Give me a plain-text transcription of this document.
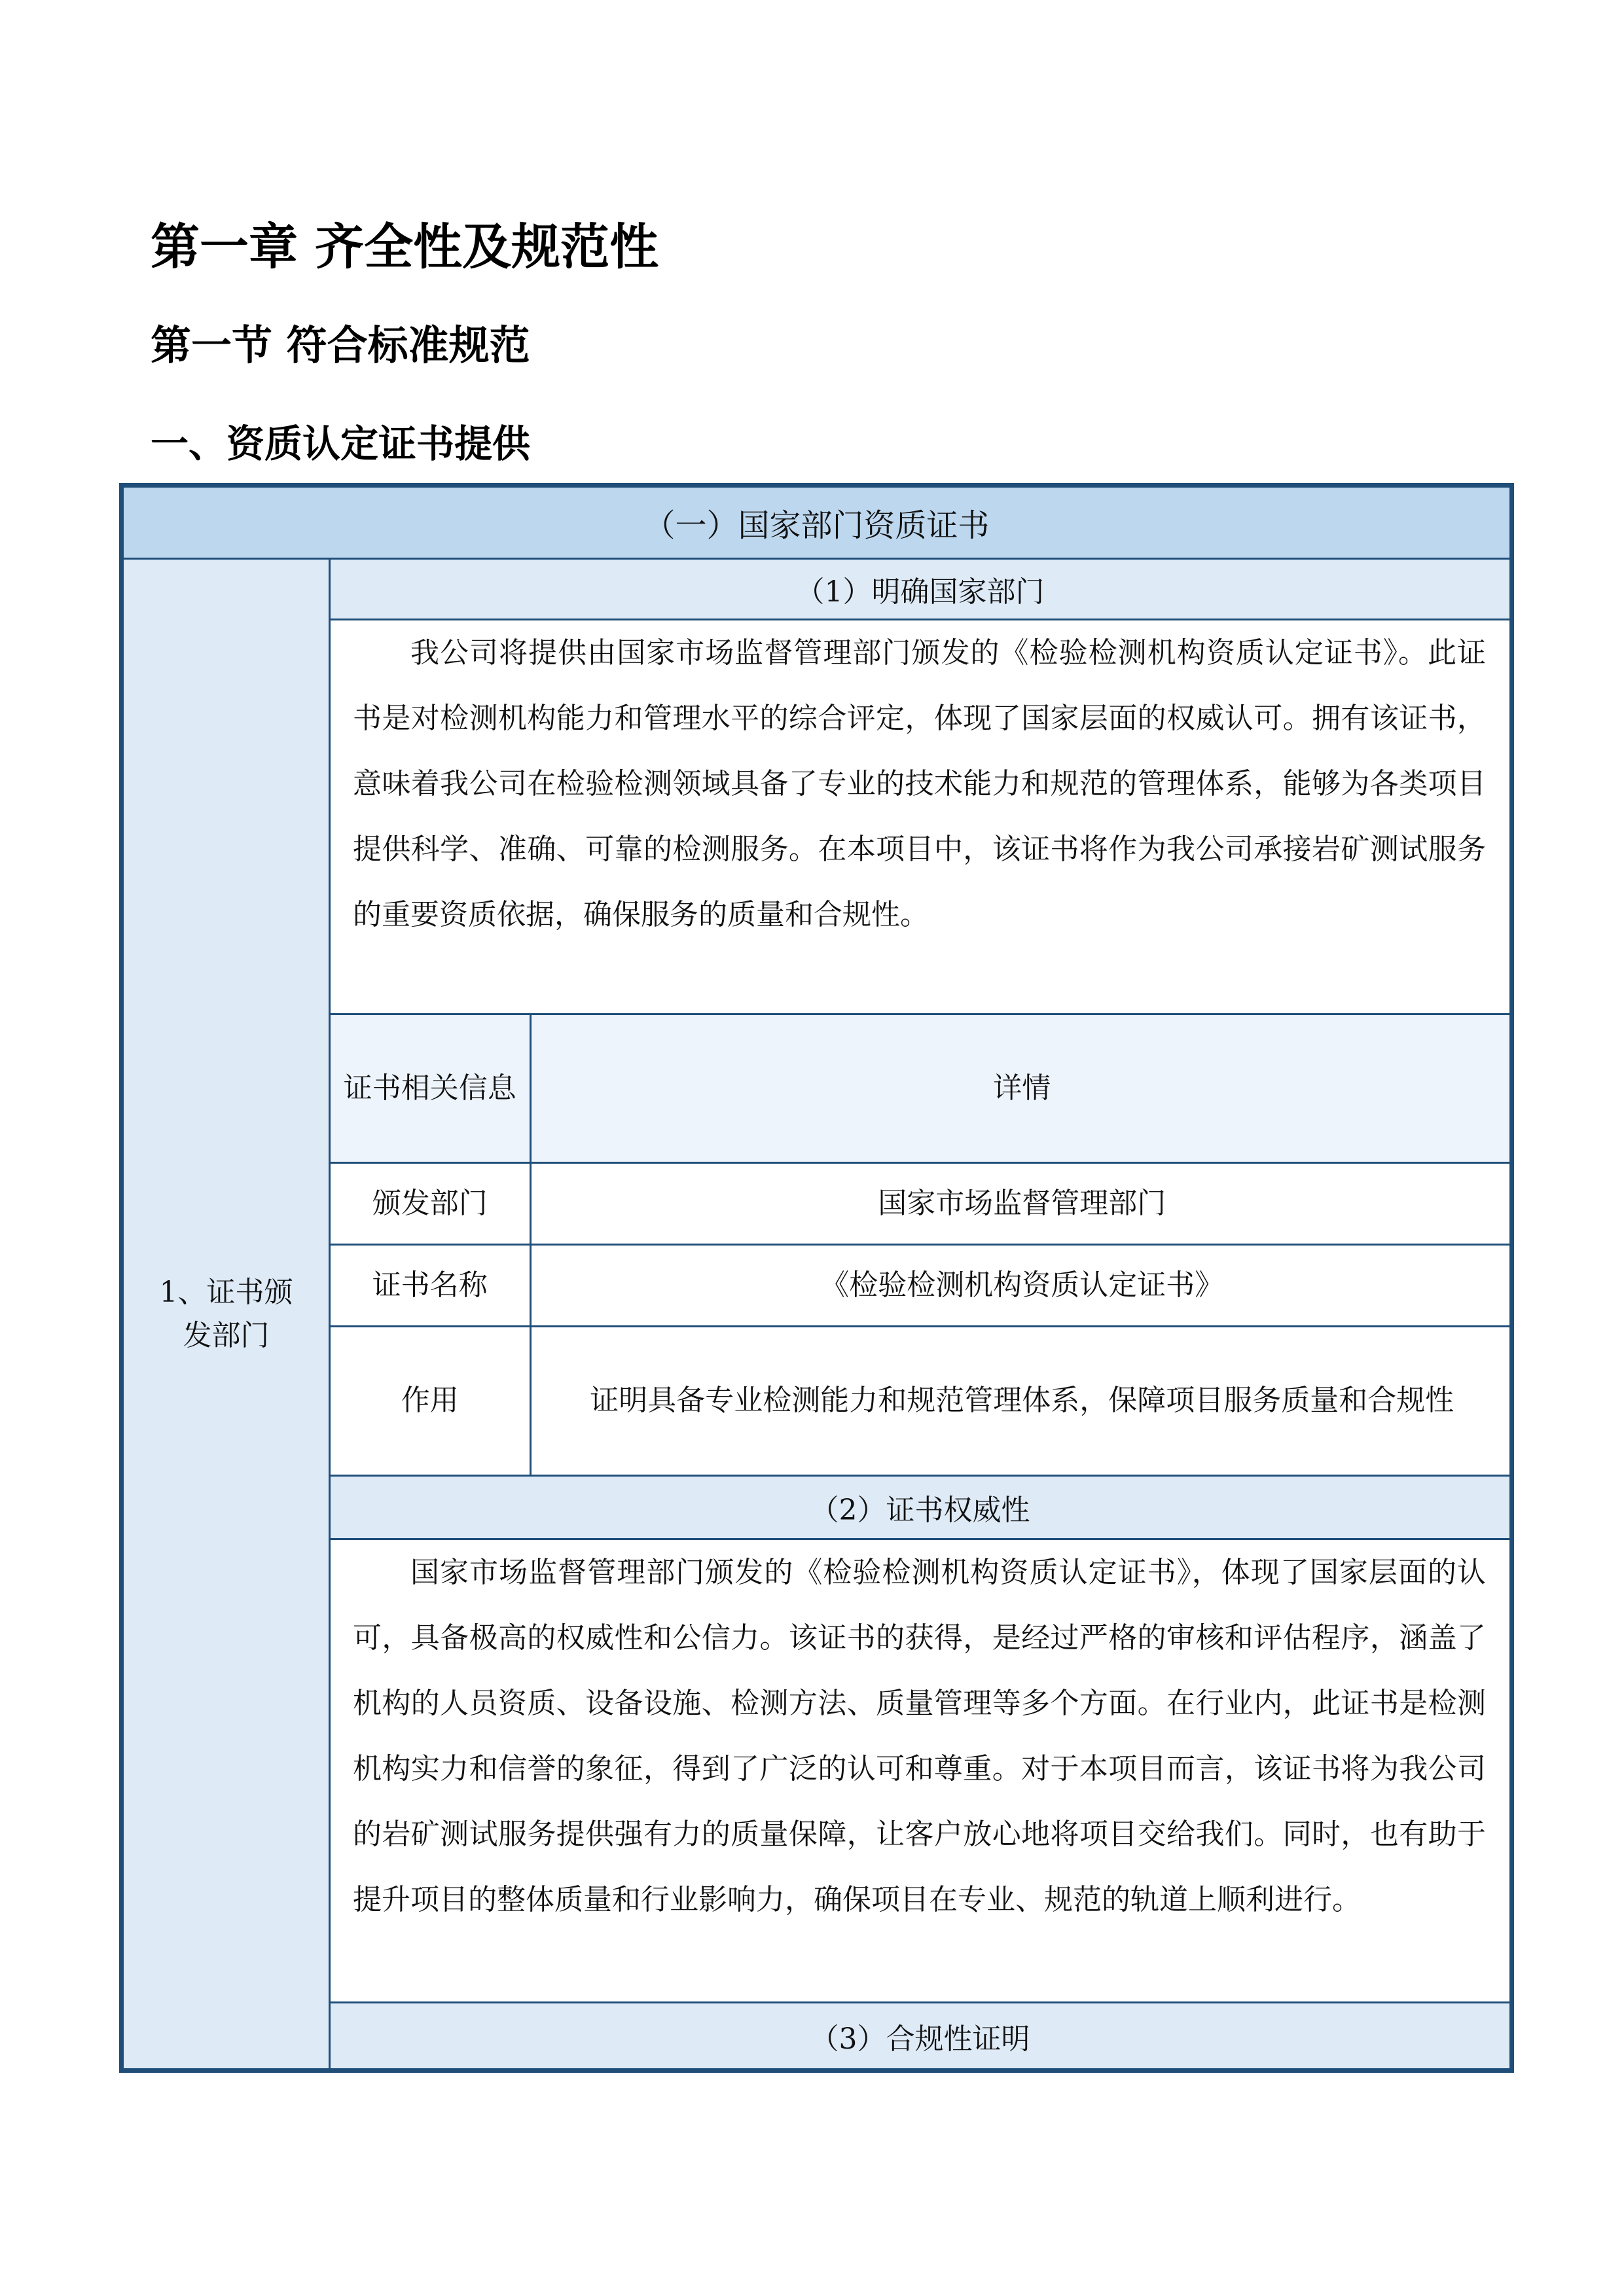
第一章 齐全性及规范性
第一节 符合标准规范
一、资质认定证书提供
（一）国家部门资质证书

1、证书颁
发部门
	（1）明确国家部门

我公司将提供由国家市场监督管理部门颁发的《检验检测机构资质认定证书》。此证书是对检测机构能力和管理水平的综合评定，体现了国家层面的权威认可。拥有该证书，意味着我公司在检验检测领域具备了专业的技术能力和规范的管理体系，能够为各类项目提供科学、准确、可靠的检测服务。在本项目中，该证书将作为我公司承接岩矿测试服务的重要资质依据，确保服务的质量和合规性。

证书相关信息	详情
颁发部门	国家市场监督管理部门
证书名称	《检验检测机构资质认定证书》
作用	证明具备专业检测能力和规范管理体系，保障项目服务质量和合规性

（2）证书权威性

国家市场监督管理部门颁发的《检验检测机构资质认定证书》，体现了国家层面的认可，具备极高的权威性和公信力。该证书的获得，是经过严格的审核和评估程序，涵盖了机构的人员资质、设备设施、检测方法、质量管理等多个方面。在行业内，此证书是检测机构实力和信誉的象征，得到了广泛的认可和尊重。对于本项目而言，该证书将为我公司的岩矿测试服务提供强有力的质量保障，让客户放心地将项目交给我们。同时，也有助于提升项目的整体质量和行业影响力，确保项目在专业、规范的轨道上顺利进行。

（3）合规性证明
